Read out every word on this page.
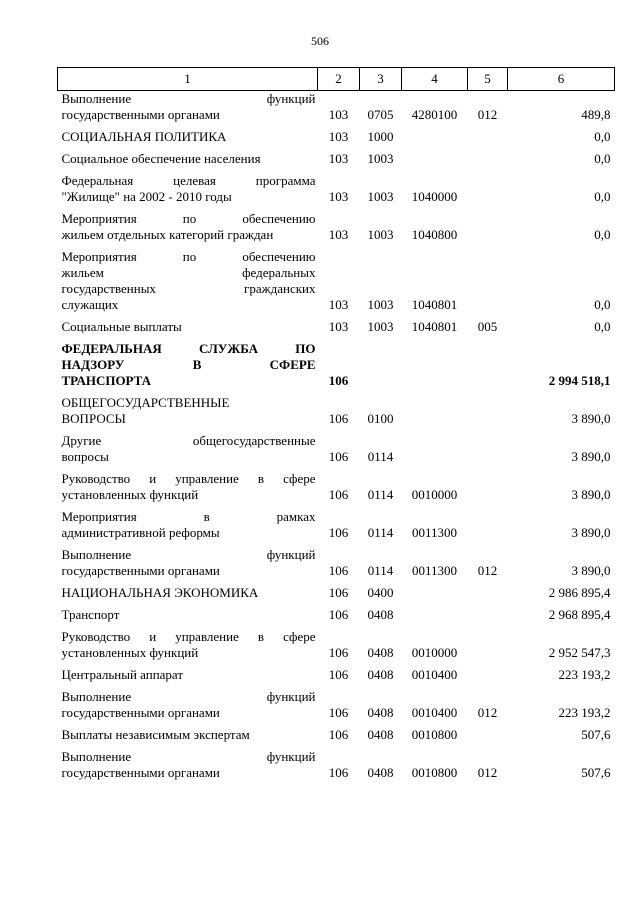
506
1	2	3	4	5	6

Выполнение функций
государственными органами	103	0705	4280100	012	489,8

СОЦИАЛЬНАЯ ПОЛИТИКА	103	1000			0,0

Социальное обеспечение населения	103	1003			0,0

Федеральная целевая программа
"Жилище" на 2002 - 2010 годы	103	1003	1040000		0,0

Мероприятия по обеспечению
жильем отдельных категорий граждан	103	1003	1040800		0,0

Мероприятия по обеспечению
жильем федеральных
государственных гражданских
служащих	103	1003	1040801		0,0

Социальные выплаты	103	1003	1040801	005	0,0

ФЕДЕРАЛЬНАЯ СЛУЖБА ПО
НАДЗОРУ В СФЕРЕ
ТРАНСПОРТА	106				2 994 518,1

ОБЩЕГОСУДАРСТВЕННЫЕ
ВОПРОСЫ	106	0100			3 890,0

Другие общегосударственные
вопросы	106	0114			3 890,0

Руководство и управление в сфере
установленных функций	106	0114	0010000		3 890,0

Мероприятия в рамках
административной реформы	106	0114	0011300		3 890,0

Выполнение функций
государственными органами	106	0114	0011300	012	3 890,0

НАЦИОНАЛЬНАЯ ЭКОНОМИКА	106	0400			2 986 895,4

Транспорт	106	0408			2 968 895,4

Руководство и управление в сфере
установленных функций	106	0408	0010000		2 952 547,3

Центральный аппарат	106	0408	0010400		223 193,2

Выполнение функций
государственными органами	106	0408	0010400	012	223 193,2

Выплаты независимым экспертам	106	0408	0010800		507,6

Выполнение функций
государственными органами	106	0408	0010800	012	507,6
